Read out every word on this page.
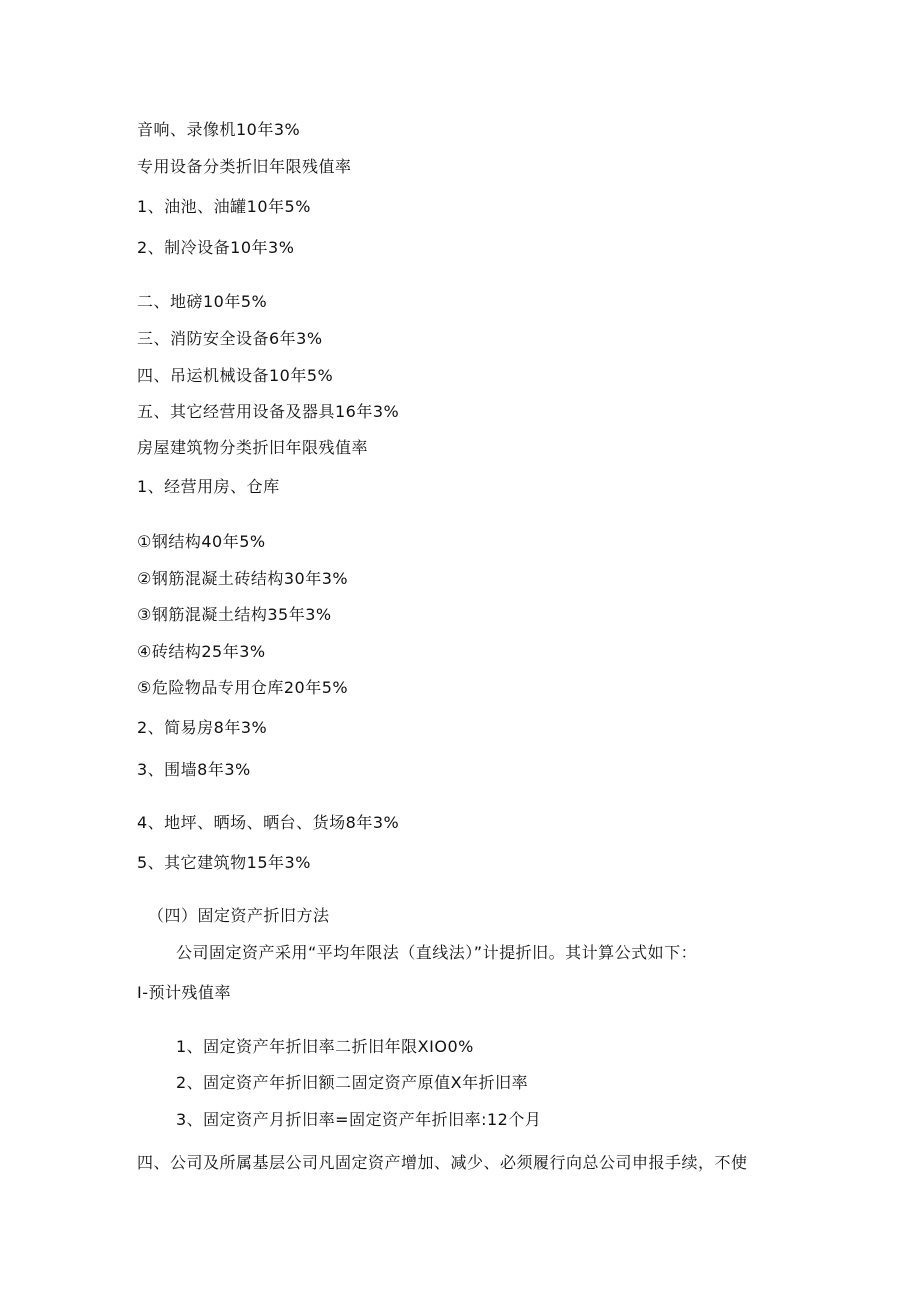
音响、录像机10年3%
专用设备分类折旧年限残值率
1、油池、油罐10年5%
2、制冷设备10年3%
二、地磅10年5%
三、消防安全设备6年3%
四、吊运机械设备10年5%
五、其它经营用设备及器具16年3%
房屋建筑物分类折旧年限残值率
1、经营用房、仓库
①钢结构40年5%
②钢筋混凝土砖结构30年3%
③钢筋混凝土结构35年3%
④砖结构25年3%
⑤危险物品专用仓库20年5%
2、简易房8年3%
3、围墙8年3%
4、地坪、晒场、晒台、货场8年3%
5、其它建筑物15年3%
（四）固定资产折旧方法
公司固定资产采用“平均年限法（直线法）”计提折旧。其计算公式如下：
I-预计残值率
1、固定资产年折旧率二折旧年限XIO0%
2、固定资产年折旧额二固定资产原值X年折旧率
3、固定资产月折旧率=固定资产年折旧率:12个月
四、公司及所属基层公司凡固定资产增加、减少、必须履行向总公司申报手续，不使
